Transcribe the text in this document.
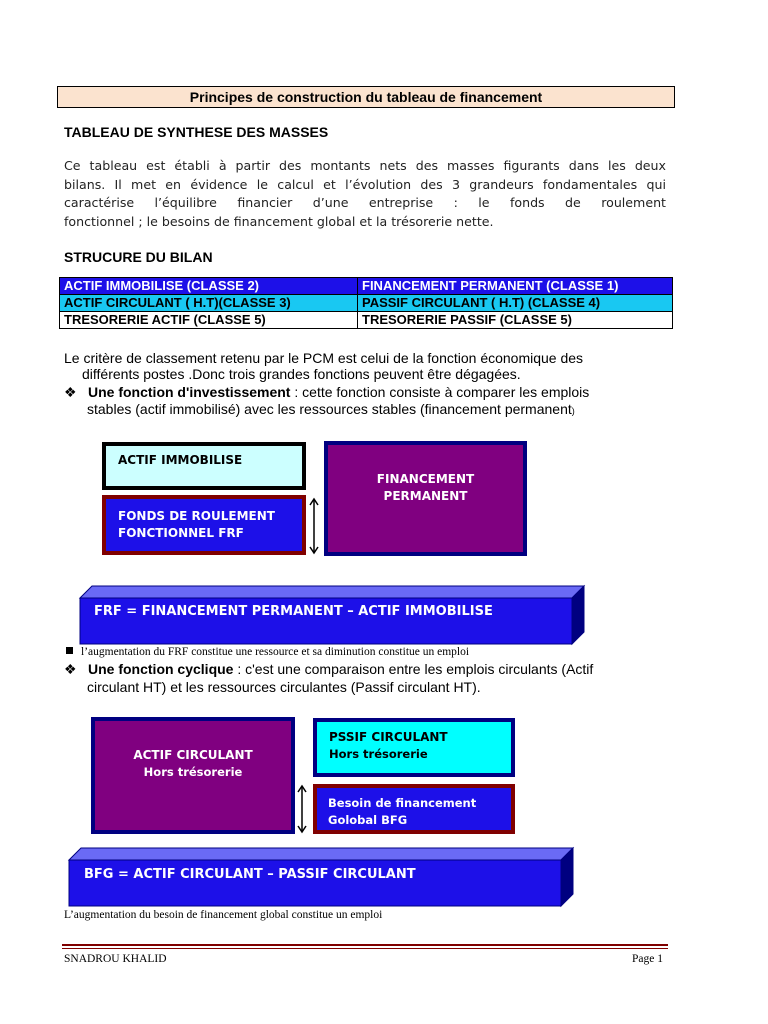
Principes de construction du tableau de financement
TABLEAU DE SYNTHESE DES MASSES
Ce tableau est établi à partir des montants nets des masses figurants dans les deux
bilans. Il met en évidence le calcul et l’évolution des 3 grandeurs fondamentales qui
caractérise l’équilibre financier d’une entreprise : le fonds de roulement
fonctionnel ; le besoins de financement global et la trésorerie nette.
STRUCURE DU BILAN
ACTIF IMMOBILISE (CLASSE 2)	FINANCEMENT PERMANENT (CLASSE 1)
ACTIF CIRCULANT ( H.T)(CLASSE 3)	PASSIF CIRCULANT ( H.T) (CLASSE 4)
TRESORERIE ACTIF (CLASSE 5)	TRESORERIE PASSIF (CLASSE 5)
Le critère de classement retenu par le PCM est celui de la fonction économique des
différents postes .Donc trois grandes fonctions peuvent être dégagées.
❖ Une fonction d'investissement : cette fonction consiste à comparer les emplois
stables (actif immobilisé) avec les ressources stables (financement permanent)
ACTIF IMMOBILISE
FONDS DE ROULEMENT
FONCTIONNEL FRF
FINANCEMENT
PERMANENT
FRF = FINANCEMENT PERMANENT – ACTIF IMMOBILISE
l’augmentation du FRF constitue une ressource et sa diminution constitue un emploi
❖ Une fonction cyclique : c'est une comparaison entre les emplois circulants (Actif
circulant HT) et les ressources circulantes (Passif circulant HT).
ACTIF CIRCULANT
Hors trésorerie
PSSIF CIRCULANT
Hors trésorerie
Besoin de financement
Golobal BFG
BFG = ACTIF CIRCULANT – PASSIF CIRCULANT
L’augmentation du besoin de financement global constitue un emploi
SNADROU KHALID	Page 1
